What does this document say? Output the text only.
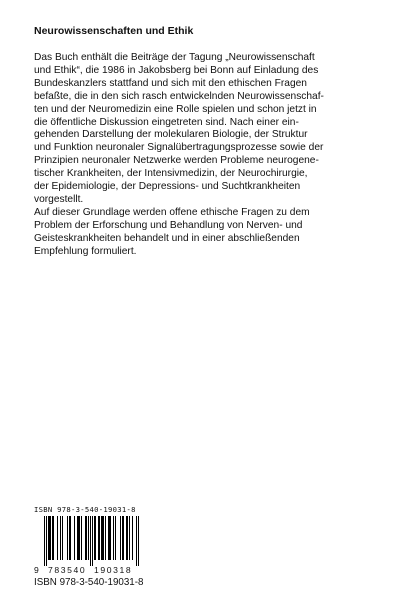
Neurowissenschaften und Ethik
Das Buch enthält die Beiträge der Tagung „Neurowissenschaft
und Ethik“, die 1986 in Jakobsberg bei Bonn auf Einladung des
Bundeskanzlers stattfand und sich mit den ethischen Fragen
befaßte, die in den sich rasch entwickelnden Neurowissenschaf-
ten und der Neuromedizin eine Rolle spielen und schon jetzt in
die öffentliche Diskussion eingetreten sind. Nach einer ein-
gehenden Darstellung der molekularen Biologie, der Struktur
und Funktion neuronaler Signalübertragungsprozesse sowie der
Prinzipien neuronaler Netzwerke werden Probleme neurogene-
tischer Krankheiten, der Intensivmedizin, der Neurochirurgie,
der Epidemiologie, der Depressions- und Suchtkrankheiten
vorgestellt.
Auf dieser Grundlage werden offene ethische Fragen zu dem
Problem der Erforschung und Behandlung von Nerven- und
Geisteskrankheiten behandelt und in einer abschließenden
Empfehlung formuliert.
ISBN 978-3-540-19031-8
9 783540 190318
ISBN 978-3-540-19031-8
